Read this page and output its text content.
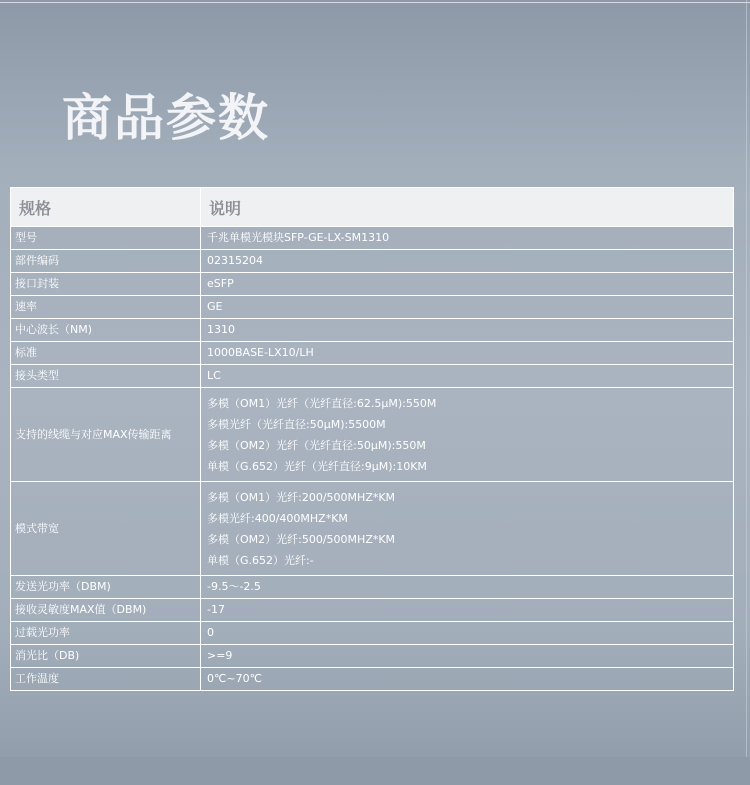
商品参数
规格	说明
型号	千兆单模光模块SFP-GE-LX-SM1310
部件编码	02315204
接口封装	eSFP
速率	GE
中心波长（NM)	1310
标准	1000BASE-LX10/LH
接头类型	LC
支持的线缆与对应MAX传输距离	多模（OM1）光纤（光纤直径:62.5μM):550M
多模光纤（光纤直径:50μM):5500M
多模（OM2）光纤（光纤直径:50μM):550M
单模（G.652）光纤（光纤直径:9μM):10KM

模式带宽	多模（OM1）光纤:200/500MHZ*KM
多模光纤:400/400MHZ*KM
多模（OM2）光纤:500/500MHZ*KM
单模（G.652）光纤:-

发送光功率（DBM)	-9.5～-2.5
接收灵敏度MAX值（DBM)	-17
过载光功率	0
消光比（DB)	>=9
工作温度	0℃~70℃
